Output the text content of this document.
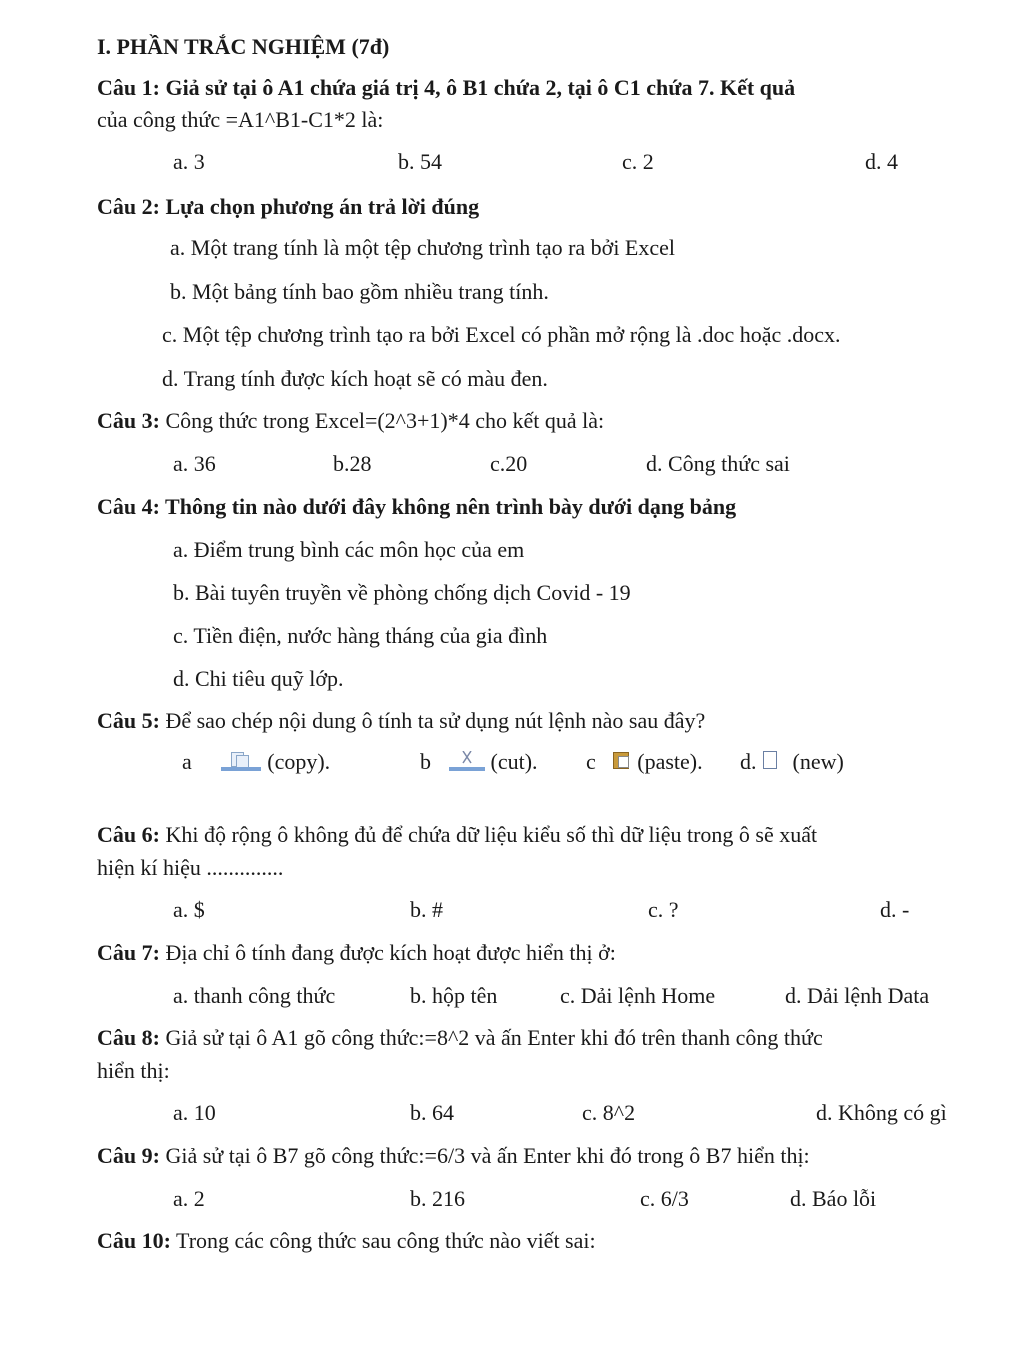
I. PHẦN TRẮC NGHIỆM (7đ)
Câu 1: Giả sử tại ô A1 chứa giá trị 4, ô B1 chứa 2, tại ô C1 chứa 7. Kết quả
của công thức =A1^B1-C1*2 là:
a. 3	b. 54	c. 2	d. 4
Câu 2: Lựa chọn phương án trả lời đúng
a. Một trang tính là một tệp chương trình tạo ra bởi Excel
b. Một bảng tính bao gồm nhiều trang tính.
c. Một tệp chương trình tạo ra bởi Excel có phần mở rộng là .doc hoặc .docx.
d. Trang tính được kích hoạt sẽ có màu đen.
Câu 3: Công thức trong Excel=(2^3+1)*4 cho kết quả là:
a. 36	b.28	c.20	d. Công thức sai
Câu 4: Thông tin nào dưới đây không nên trình bày dưới dạng bảng
a. Điểm trung bình các môn học của em
b. Bài tuyên truyền về phòng chống dịch Covid - 19
c. Tiền điện, nước hàng tháng của gia đình
d. Chi tiêu quỹ lớp.
Câu 5: Để sao chép nội dung ô tính ta sử dụng nút lệnh nào sau đây?
a	(copy).	b	(cut). c (paste). d. (new)
Câu 6: Khi độ rộng ô không đủ để chứa dữ liệu kiểu số thì dữ liệu trong ô sẽ xuất
hiện kí hiệu ..............
a. $	b. #	c. ?	d. -
Câu 7: Địa chỉ ô tính đang được kích hoạt được hiển thị ở:
a. thanh công thức	b. hộp tên	c. Dải lệnh Home	d. Dải lệnh Data
Câu 8: Giả sử tại ô A1 gõ công thức:=8^2 và ấn Enter khi đó trên thanh công thức
hiển thị:
a. 10	b. 64	c. 8^2	d. Không có gì
Câu 9: Giả sử tại ô B7 gõ công thức:=6/3 và ấn Enter khi đó trong ô B7 hiển thị:
a. 2	b. 216	c. 6/3	d. Báo lỗi
Câu 10: Trong các công thức sau công thức nào viết sai:
